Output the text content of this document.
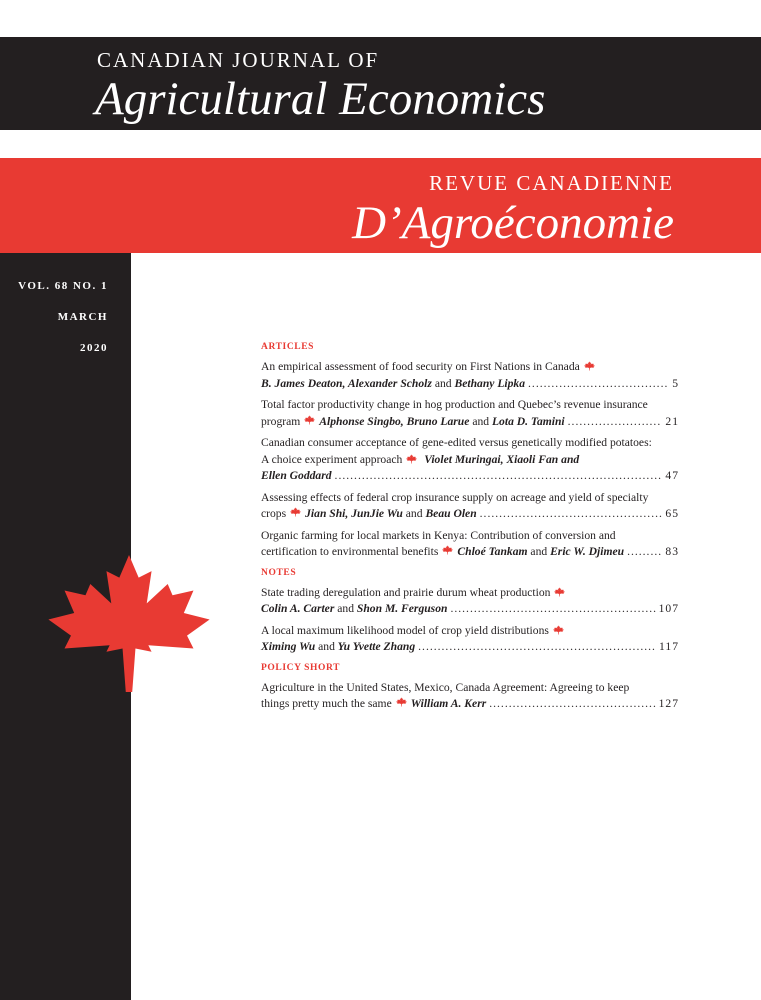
CANADIAN JOURNAL OF
Agricultural Economics
REVUE CANADIENNE
D’Agroéconomie
VOL. 68 NO. 1
MARCH
2020	ARTICLES
An empirical assessment of food security on First Nations in Canada
B. James Deaton, Alexander Scholz and Bethany Lipka .....	5
Total factor productivity change in hog production and Quebec’s revenue insurance
program Alphonse Singbo, Bruno Larue and Lota D. Tamini .....	21
Canadian consumer acceptance of gene-edited versus genetically modified potatoes:
A choice experiment approach Violet Muringai, Xiaoli Fan and
Ellen Goddard .....	47
Assessing effects of federal crop insurance supply on acreage and yield of specialty
crops Jian Shi, JunJie Wu and Beau Olen .....	65
Organic farming for local markets in Kenya: Contribution of conversion and
certification to environmental benefits Chloé Tankam and Eric W. Djimeu .....	83
NOTES
State trading deregulation and prairie durum wheat production
Colin A. Carter and Shon M. Ferguson .....	107
A local maximum likelihood model of crop yield distributions
Ximing Wu and Yu Yvette Zhang .....	117
POLICY SHORT
Agriculture in the United States, Mexico, Canada Agreement: Agreeing to keep
things pretty much the same William A. Kerr .....	127
